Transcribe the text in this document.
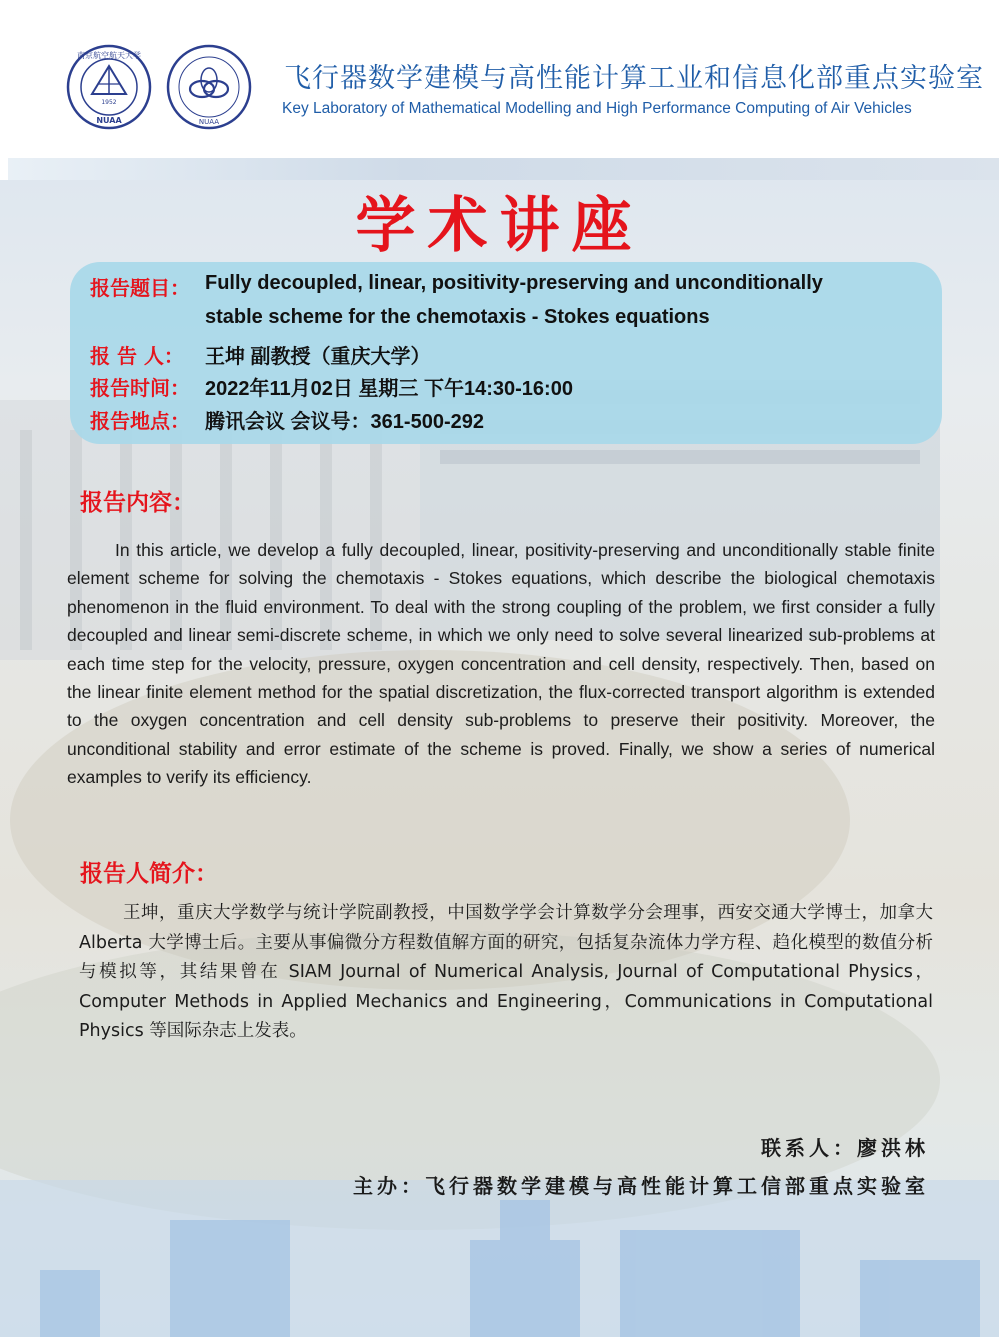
南京航空航天大学
1952
NUAA	NUAA
飞行器数学建模与高性能计算工业和信息化部重点实验室
Key Laboratory of Mathematical Modelling and High Performance Computing of Air Vehicles
学术讲座
报告题目： Fully decoupled, linear, positivity-preserving and unconditionally
stable scheme for the chemotaxis - Stokes equations
报 告 人： 王坤 副教授（重庆大学）
报告时间： 2022年11月02日 星期三 下午14:30-16:00
报告地点： 腾讯会议 会议号：361-500-292
报告内容：
In this article, we develop a fully decoupled, linear, positivity-preserving and unconditionally stable finite element scheme for solving the chemotaxis - Stokes equations, which describe the biological chemotaxis phenomenon in the fluid environment. To deal with the strong coupling of the problem, we first consider a fully decoupled and linear semi-discrete scheme, in which we only need to solve several linearized sub-problems at each time step for the velocity, pressure, oxygen concentration and cell density, respectively. Then, based on the linear finite element method for the spatial discretization, the flux-corrected transport algorithm is extended to the oxygen concentration and cell density sub-problems to preserve their positivity. Moreover, the unconditional stability and error estimate of the scheme is proved. Finally, we show a series of numerical examples to verify its efficiency.
报告人简介：
王坤，重庆大学数学与统计学院副教授，中国数学学会计算数学分会理事，西安交通大学博士，加拿大 Alberta 大学博士后。主要从事偏微分方程数值解方面的研究，包括复杂流体力学方程、趋化模型的数值分析与模拟等，其结果曾在 SIAM Journal of Numerical Analysis, Journal of Computational Physics，Computer Methods in Applied Mechanics and Engineering，Communications in Computational Physics 等国际杂志上发表。
联系人：廖洪林
主办：飞行器数学建模与高性能计算工信部重点实验室
